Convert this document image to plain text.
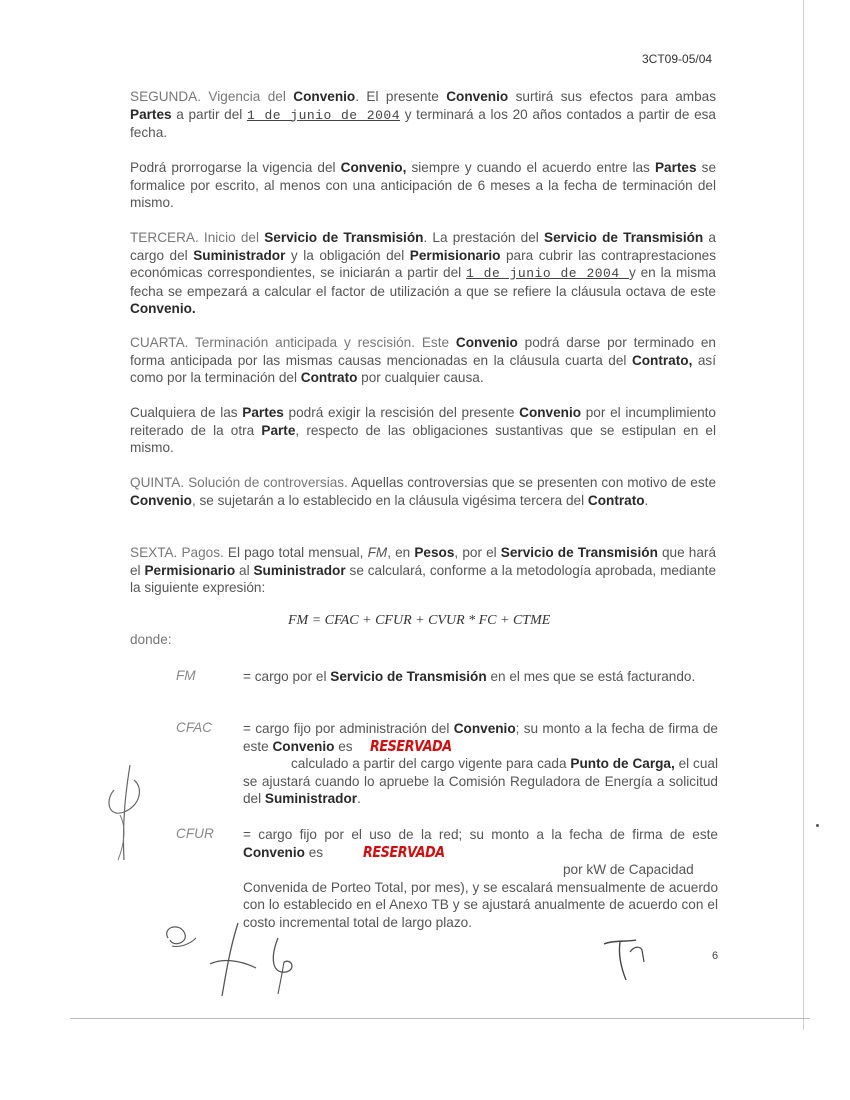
3CT09-05/04
SEGUNDA. Vigencia del Convenio. El presente Convenio surtirá sus efectos para ambas Partes a partir del 1 de junio de 2004 y terminará a los 20 años contados a partir de esa fecha.
Podrá prorrogarse la vigencia del Convenio, siempre y cuando el acuerdo entre las Partes se formalice por escrito, al menos con una anticipación de 6 meses a la fecha de terminación del mismo.
TERCERA. Inicio del Servicio de Transmisión. La prestación del Servicio de Transmisión a cargo del Suministrador y la obligación del Permisionario para cubrir las contraprestaciones económicas correspondientes, se iniciarán a partir del 1 de junio de 2004 y en la misma fecha se empezará a calcular el factor de utilización a que se refiere la cláusula octava de este Convenio.
CUARTA. Terminación anticipada y rescisión. Este Convenio podrá darse por terminado en forma anticipada por las mismas causas mencionadas en la cláusula cuarta del Contrato, así como por la terminación del Contrato por cualquier causa.
Cualquiera de las Partes podrá exigir la rescisión del presente Convenio por el incumplimiento reiterado de la otra Parte, respecto de las obligaciones sustantivas que se estipulan en el mismo.
QUINTA. Solución de controversias. Aquellas controversias que se presenten con motivo de este Convenio, se sujetarán a lo establecido en la cláusula vigésima tercera del Contrato.
SEXTA. Pagos. El pago total mensual, FM, en Pesos, por el Servicio de Transmisión que hará el Permisionario al Suministrador se calculará, conforme a la metodología aprobada, mediante la siguiente expresión:
FM = CFAC + CFUR + CVUR * FC + CTME
donde:
FM	= cargo por el Servicio de Transmisión en el mes que se está facturando.
CFAC = cargo fijo por administración del Convenio; su monto a la fecha de firma de este Convenio es RESERVADA
calculado a partir del cargo vigente para cada Punto de Carga, el cual se ajustará cuando lo apruebe la Comisión Reguladora de Energía a solicitud del Suministrador.
CFUR = cargo fijo por el uso de la red; su monto a la fecha de firma de este Convenio es	RESERVADA
por kW de Capacidad
Convenida de Porteo Total, por mes), y se escalará mensualmente de acuerdo con lo establecido en el Anexo TB y se ajustará anualmente de acuerdo con el costo incremental total de largo plazo.
6
